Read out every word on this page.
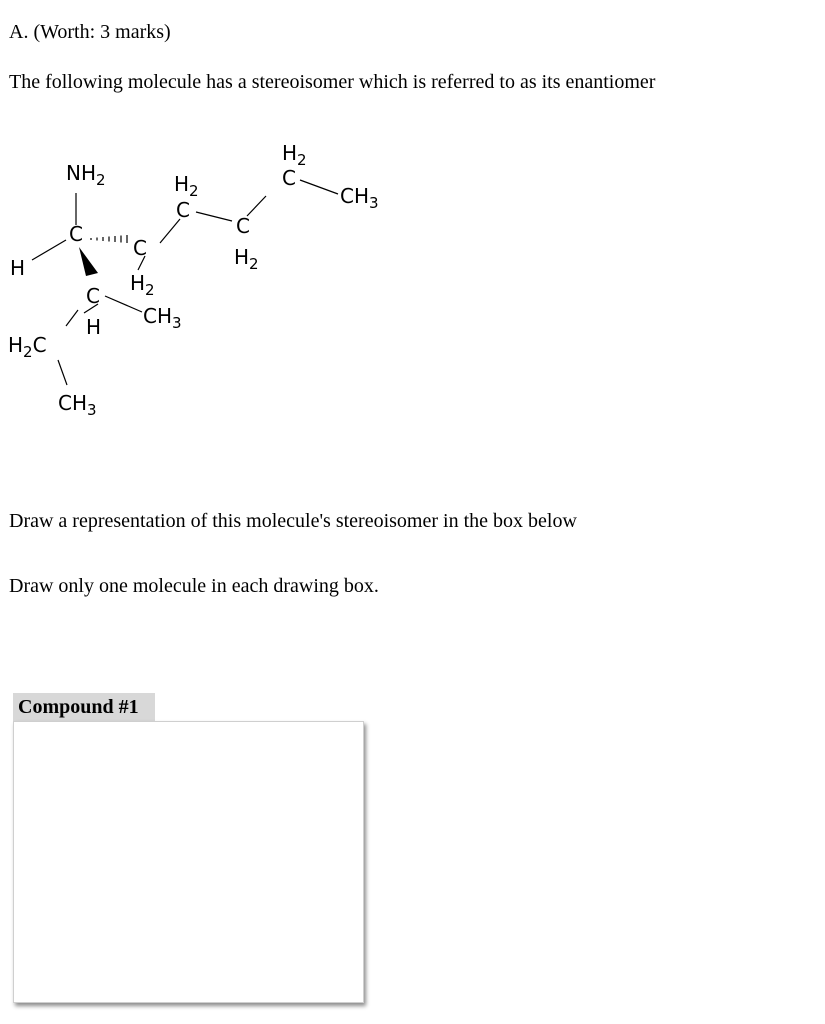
A. (Worth: 3 marks)
The following molecule has a stereoisomer which is referred to as its enantiomer
$NH_2$
C
H
C
$H_2$
C
C
$H_2$
$H_2$
C
$CH_3$
$H_2$
$CH_3$
C
H
$H_2C$
$CH_3$
Draw a representation of this molecule's stereoisomer in the box below
Draw only one molecule in each drawing box.
Compound #1
